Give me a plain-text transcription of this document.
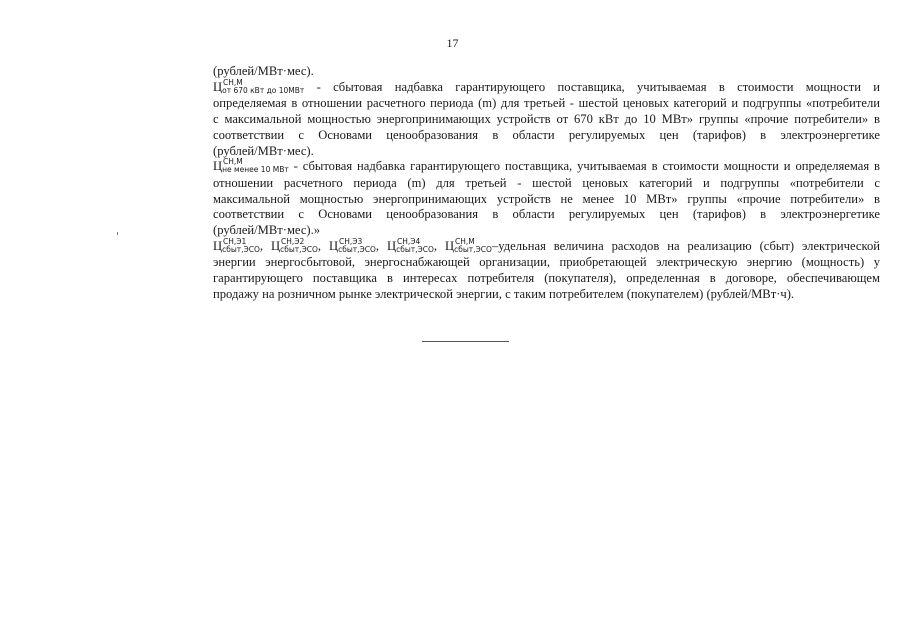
17
(рублей/МВт·мес).
Ц СН,М
от 670 кВт до 10МВт - сбытовая надбавка гарантирующего поставщика, учитываемая в стоимости мощности и
определяемая в отношении расчетного периода (m) для третьей - шестой ценовых категорий и подгруппы «потребители
с максимальной мощностью энергопринимающих устройств от 670 кВт до 10 МВт» группы «прочие потребители» в
соответствии с Основами ценообразования в области регулируемых цен (тарифов) в электроэнергетике
(рублей/МВт·мес).
Ц СН,М
не менее 10 МВт - сбытовая надбавка гарантирующего поставщика, учитываемая в стоимости мощности и определяемая в
отношении расчетного периода (m) для третьей - шестой ценовых категорий и подгруппы «потребители с
максимальной мощностью энергопринимающих устройств не менее 10 МВт» группы «прочие потребители» в
соответствии с Основами ценообразования в области регулируемых цен (тарифов) в электроэнергетике
(рублей/МВт·мес).»
Ц СН,Э1
сбыт,ЭСО, Ц СН,Э2
сбыт,ЭСО, Ц СН,Э3
сбыт,ЭСО, Ц СН,Э4
сбыт,ЭСО, Ц СН,М
сбыт,ЭСО–удельная величина расходов на реализацию (сбыт) электрической
энергии энергосбытовой, энергоснабжающей организации, приобретающей электрическую энергию (мощность) у
гарантирующего поставщика в интересах потребителя (покупателя), определенная в договоре, обеспечивающем
продажу на розничном рынке электрической энергии, с таким потребителем (покупателем) (рублей/МВт·ч).
